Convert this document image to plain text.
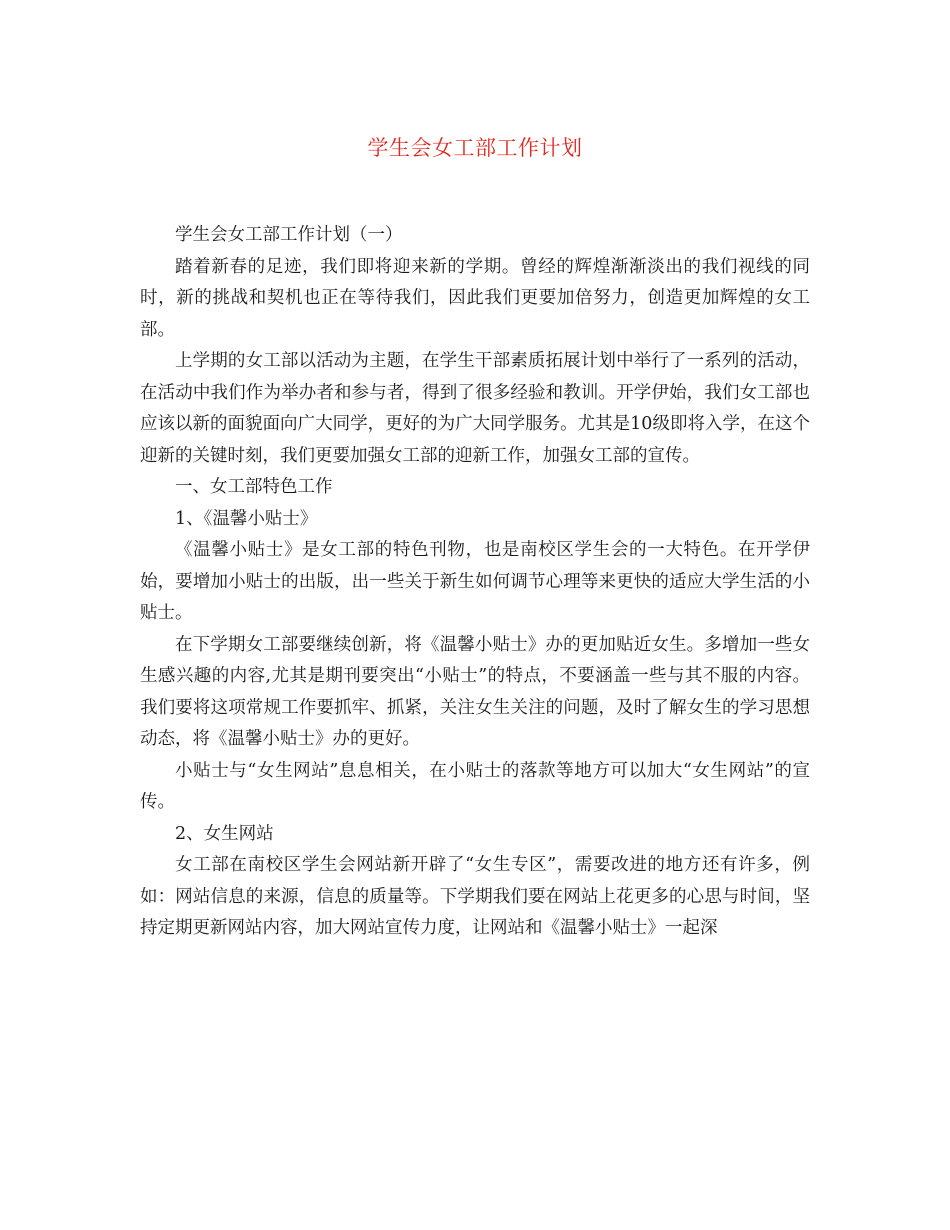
学生会女工部工作计划

学生会女工部工作计划（一）

踏着新春的足迹，我们即将迎来新的学期。曾经的辉煌渐渐淡出的我们视线的同时，新的挑战和契机也正在等待我们，因此我们更要加倍努力，创造更加辉煌的女工部。

上学期的女工部以活动为主题，在学生干部素质拓展计划中举行了一系列的活动，在活动中我们作为举办者和参与者，得到了很多经验和教训。开学伊始，我们女工部也应该以新的面貌面向广大同学，更好的为广大同学服务。尤其是10级即将入学，在这个迎新的关键时刻，我们更要加强女工部的迎新工作，加强女工部的宣传。

一、女工部特色工作

1、《温馨小贴士》

《温馨小贴士》是女工部的特色刊物，也是南校区学生会的一大特色。在开学伊始，要增加小贴士的出版，出一些关于新生如何调节心理等来更快的适应大学生活的小贴士。

在下学期女工部要继续创新，将《温馨小贴士》办的更加贴近女生。多增加一些女生感兴趣的内容,尤其是期刊要突出“小贴士”的特点，不要涵盖一些与其不服的内容。我们要将这项常规工作要抓牢、抓紧，关注女生关注的问题，及时了解女生的学习思想动态，将《温馨小贴士》办的更好。

小贴士与“女生网站”息息相关，在小贴士的落款等地方可以加大“女生网站”的宣传。

2、女生网站

女工部在南校区学生会网站新开辟了“女生专区”，需要改进的地方还有许多，例如：网站信息的来源，信息的质量等。下学期我们要在网站上花更多的心思与时间，坚持定期更新网站内容，加大网站宣传力度，让网站和《温馨小贴士》一起深
